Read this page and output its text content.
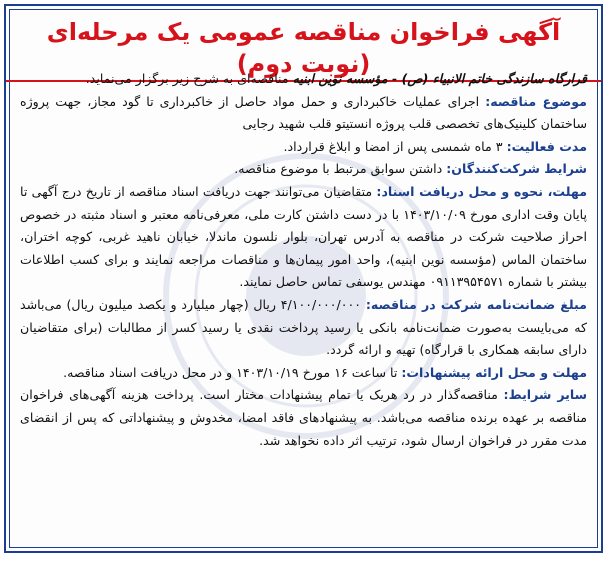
آگهی فراخوان مناقصه عمومی یک مرحله‌ای (نوبت دوم)

قرارگاه سازندگی خاتم الانبیاء (ص) - مؤسسه نوین ابنیه مناقصه‌ای به شرح زیر برگزار می‌نماید.

موضوع مناقصه: اجرای عملیات خاکبرداری و حمل مواد حاصل از خاکبرداری تا گود مجاز، جهت پروژه ساختمان کلینیک‌های تخصصی قلب پروژه انستیتو قلب شهید رجایی

مدت فعالیت: ۳ ماه شمسی پس از امضا و ابلاغ قرارداد.

شرایط شرکت‌کنندگان: داشتن سوابق مرتبط با موضوع مناقصه.

مهلت، نحوه و محل دریافت اسناد: متقاضیان می‌توانند جهت دریافت اسناد مناقصه از تاریخ درج آگهی تا پایان وقت اداری مورخ ۱۴۰۳/۱۰/۰۹ با در دست داشتن کارت ملی، معرفی‌نامه معتبر و اسناد مثبته در خصوص احراز صلاحیت شرکت در مناقصه به آدرس تهران، بلوار نلسون ماندلا، خیابان ناهید غربی، کوچه اختران، ساختمان الماس (مؤسسه نوین ابنیه)، واحد امور پیمان‌ها و مناقصات مراجعه نمایند و برای کسب اطلاعات بیشتر با شماره ۰۹۱۱۳۹۵۴۵۷۱ مهندس یوسفی تماس حاصل نمایند.

مبلغ ضمانت‌نامه شرکت در مناقصه: ۴/۱۰۰/۰۰۰/۰۰۰ ریال (چهار میلیارد و یکصد میلیون ریال) می‌باشد که می‌بایست به‌صورت ضمانت‌نامه بانکی یا رسید پرداخت نقدی یا رسید کسر از مطالبات (برای متقاضیان دارای سابقه همکاری با قرارگاه) تهیه و ارائه گردد.

مهلت و محل ارائه پیشنهادات: تا ساعت ۱۶ مورخ ۱۴۰۳/۱۰/۱۹ و در محل دریافت اسناد مناقصه.

سایر شرایط: مناقصه‌گذار در رد هریک یا تمام پیشنهادات مختار است. پرداخت هزینه آگهی‌های فراخوان مناقصه بر عهده برنده مناقصه می‌باشد. به پیشنهادهای فاقد امضا، مخدوش و پیشنهاداتی که پس از انقضای مدت مقرر در فراخوان ارسال شود، ترتیب اثر داده نخواهد شد.
